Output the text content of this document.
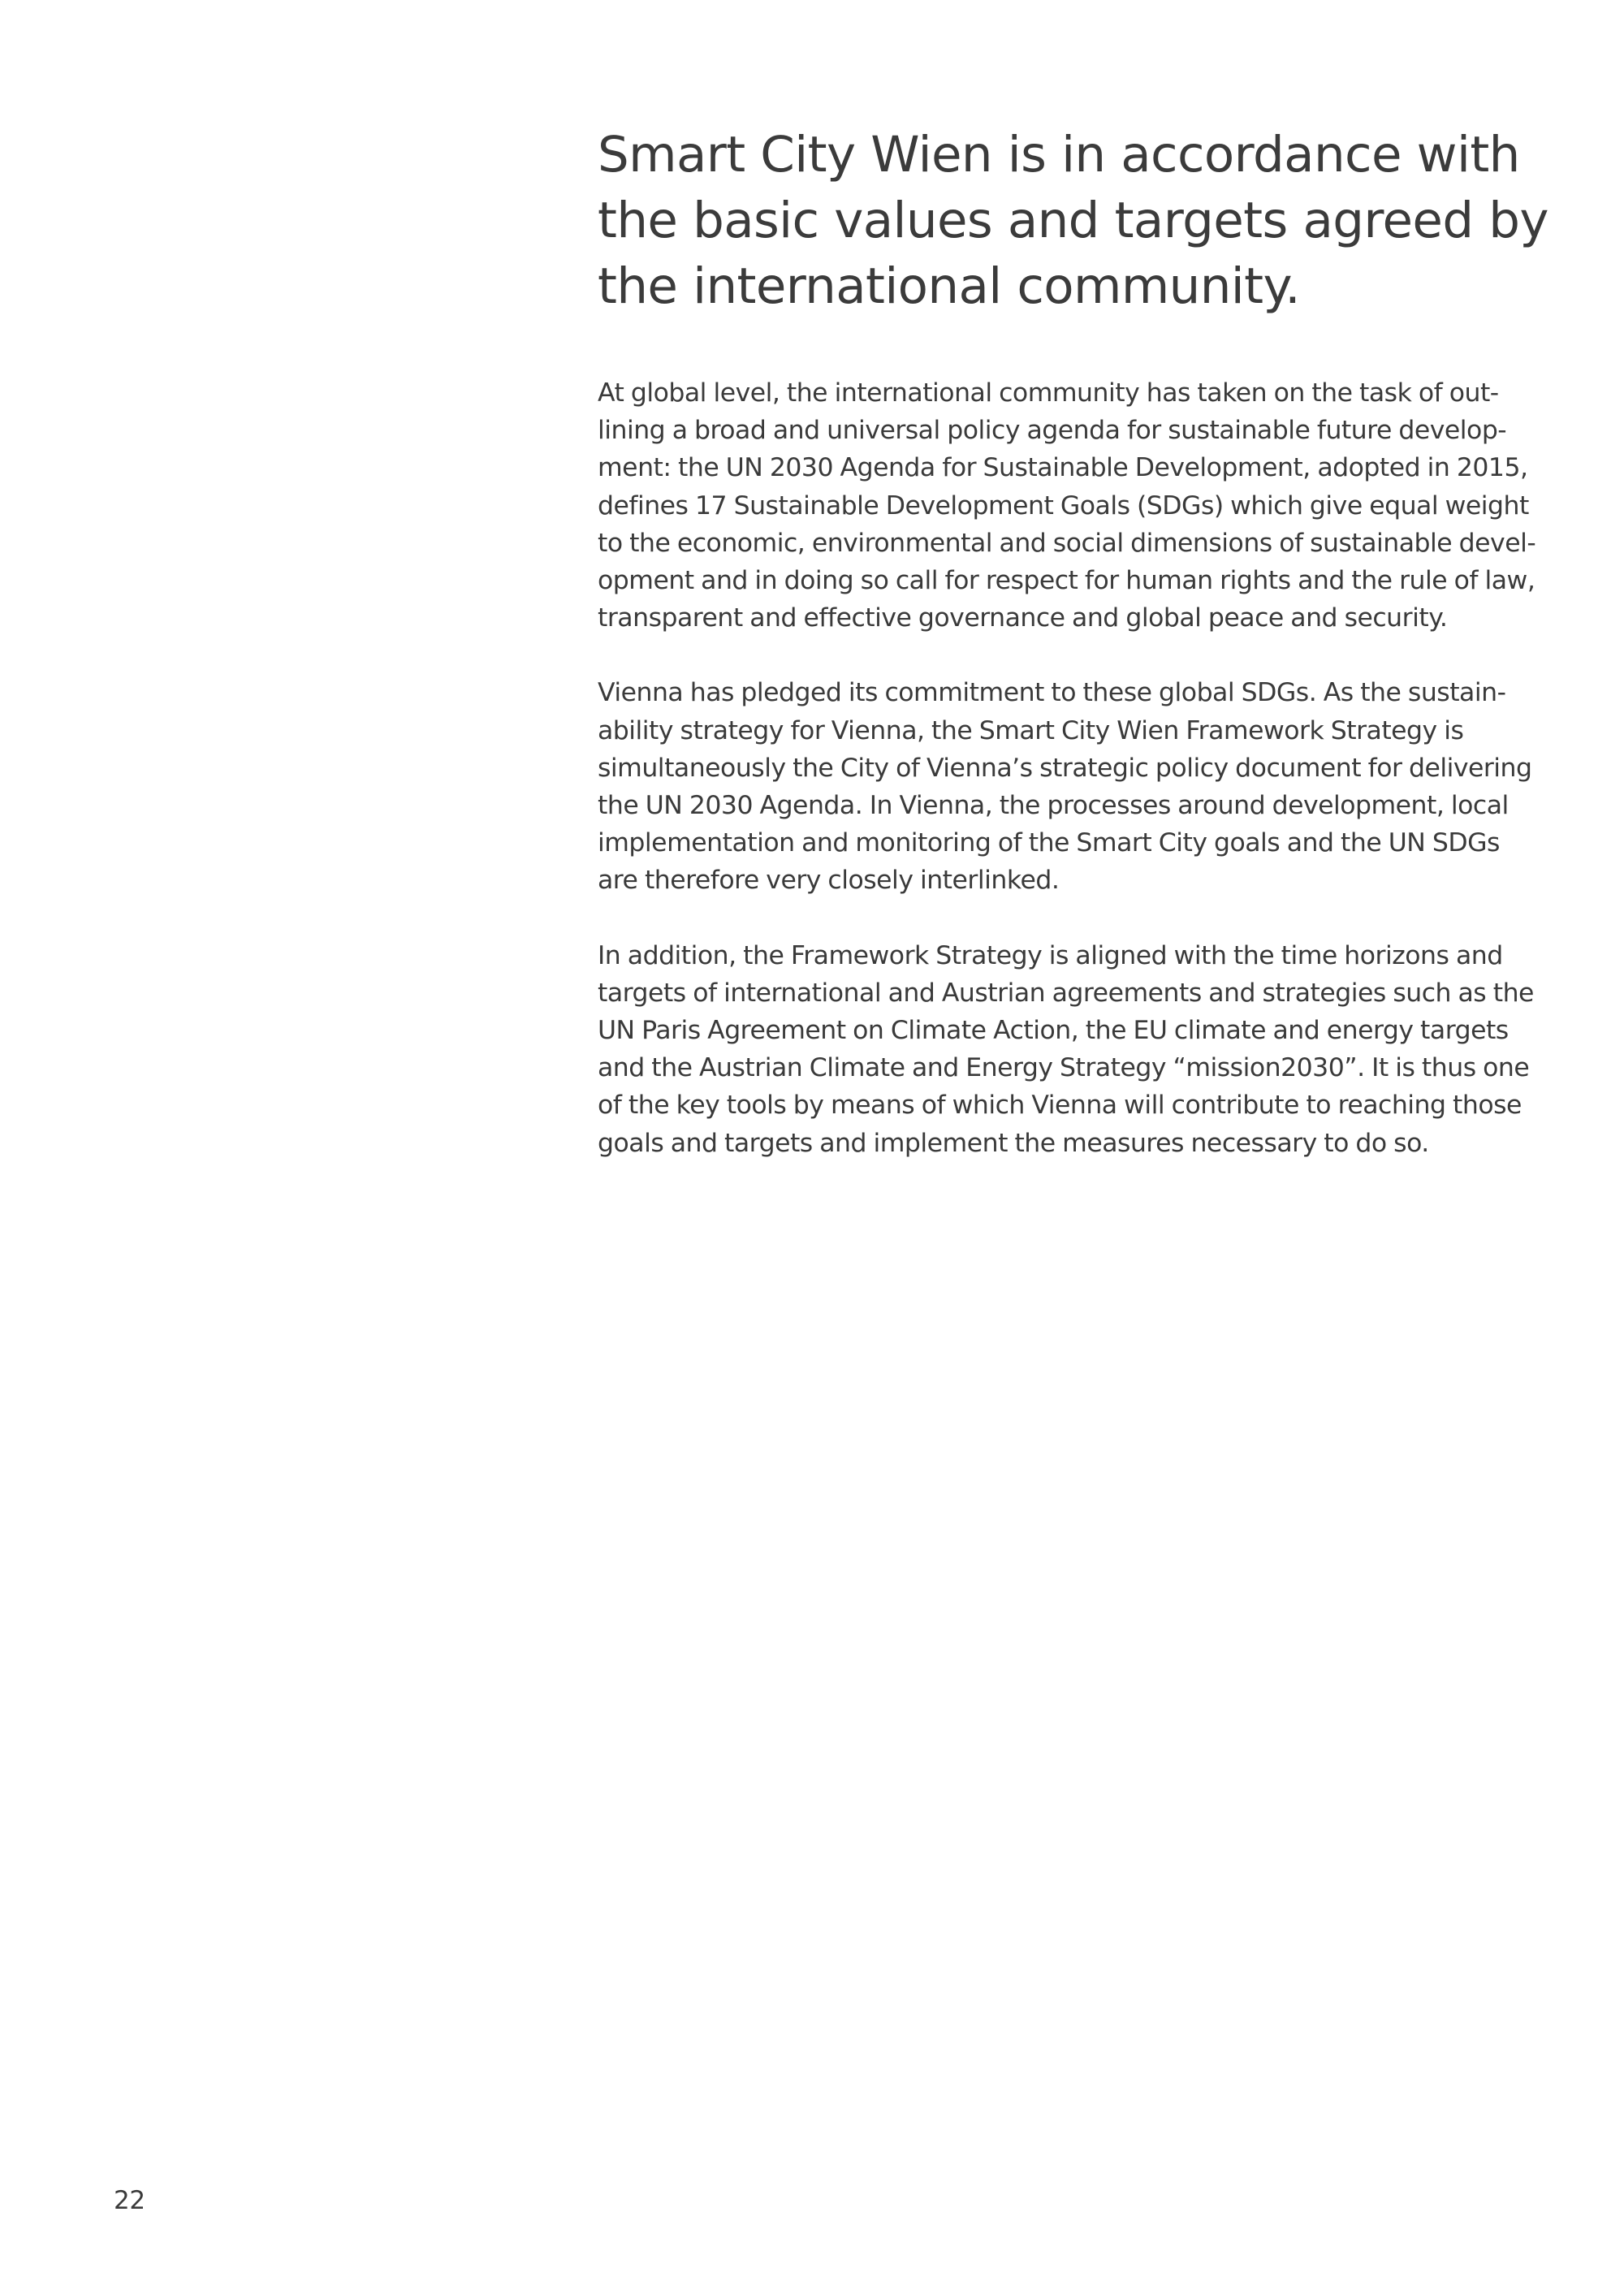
Smart City Wien is in accordance with
the basic values and targets agreed by
the international community.

At global level, the international community has taken on the task of out-
lining a broad and universal policy agenda for sustainable future develop-
ment: the UN 2030 Agenda for Sustainable Development, adopted in 2015,
defines 17 Sustainable Development Goals (SDGs) which give equal weight
to the economic, environmental and social dimensions of sustainable devel-
opment and in doing so call for respect for human rights and the rule of law,
transparent and effective governance and global peace and security.

Vienna has pledged its commitment to these global SDGs. As the sustain-
ability strategy for Vienna, the Smart City Wien Framework Strategy is
simultaneously the City of Vienna’s strategic policy document for delivering
the UN 2030 Agenda. In Vienna, the processes around development, local
implementation and monitoring of the Smart City goals and the UN SDGs
are therefore very closely interlinked.

In addition, the Framework Strategy is aligned with the time horizons and
targets of international and Austrian agreements and strategies such as the
UN Paris Agreement on Climate Action, the EU climate and energy targets
and the Austrian Climate and Energy Strategy “mission2030”. It is thus one
of the key tools by means of which Vienna will contribute to reaching those
goals and targets and implement the measures necessary to do so.

22
